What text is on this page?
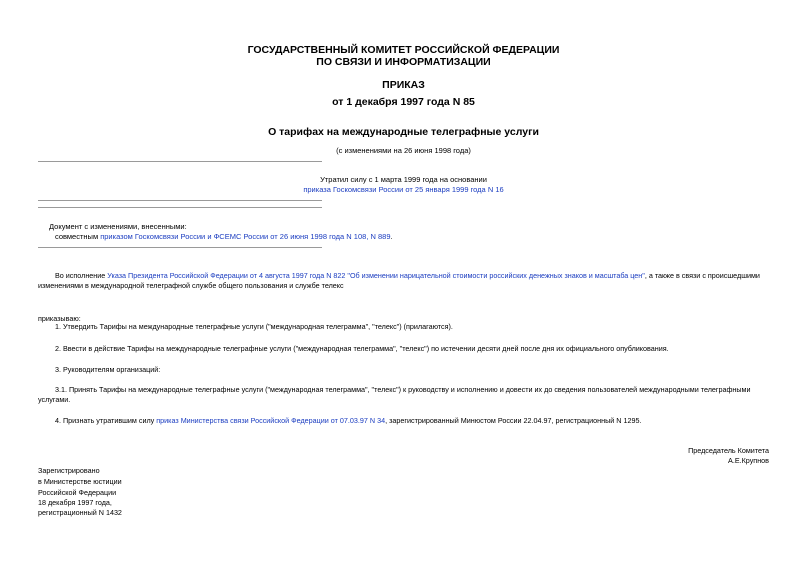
ГОСУДАРСТВЕННЫЙ КОМИТЕТ РОССИЙСКОЙ ФЕДЕРАЦИИ
ПО СВЯЗИ И ИНФОРМАТИЗАЦИИ
ПРИКАЗ
от 1 декабря 1997 года N 85
О тарифах на международные телеграфные услуги
(с изменениями на 26 июня 1998 года)
Утратил силу с 1 марта 1999 года на основании
приказа Госкомсвязи России от 25 января 1999 года N 16
Документ с изменениями, внесенными:
совместным приказом Госкомсвязи России и ФСЕМС России от 26 июня 1998 года N 108, N 889.
Во исполнение Указа Президента Российской Федерации от 4 августа 1997 года N 822 "Об изменении нарицательной стоимости российских денежных знаков и масштаба цен", а также в связи с происшедшими
изменениями в международной телеграфной службе общего пользования и службе телекс
приказываю:
1. Утвердить Тарифы на международные телеграфные услуги ("международная телеграмма", "телекс") (прилагаются).
2. Ввести в действие Тарифы на международные телеграфные услуги ("международная телеграмма", "телекс") по истечении десяти дней после дня их официального опубликования.
3. Руководителям организаций:
3.1. Принять Тарифы на международные телеграфные услуги ("международная телеграмма", "телекс") к руководству и исполнению и довести их до сведения пользователей международными телеграфными
услугами.
4. Признать утратившим силу приказ Министерства связи Российской Федерации от 07.03.97 N 34, зарегистрированный Минюстом России 22.04.97, регистрационный N 1295.
Председатель Комитета
А.Е.Крупнов
Зарегистрировано
в Министерстве юстиции
Российской Федерации
18 декабря 1997 года,
регистрационный N 1432
